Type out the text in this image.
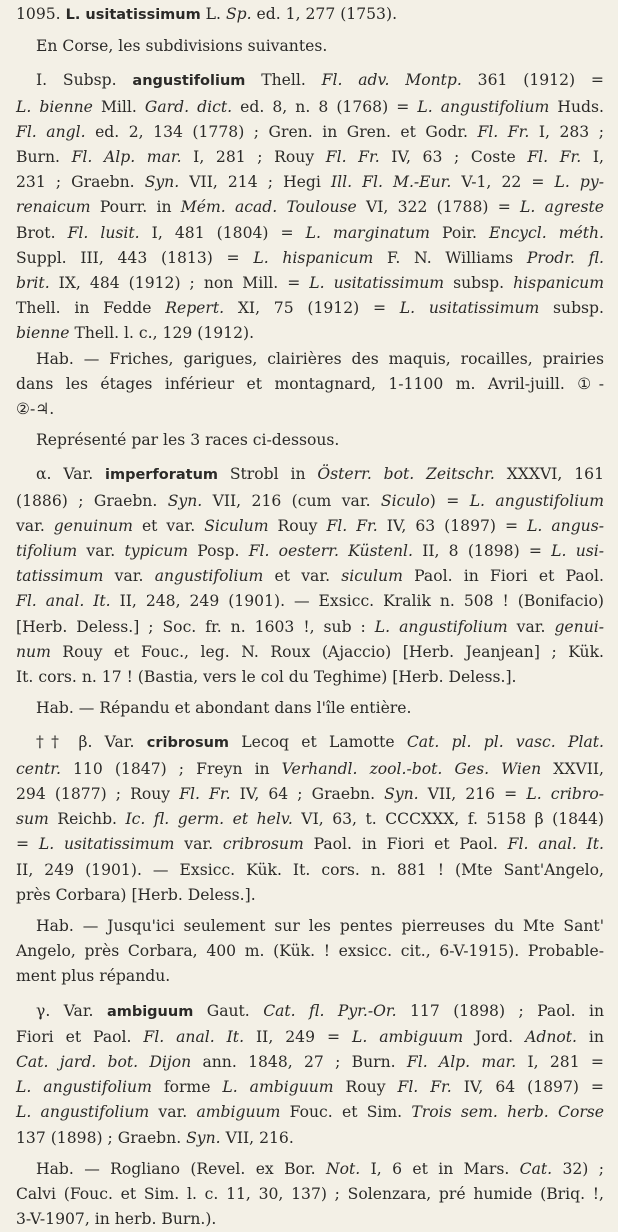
1095. L. usitatissimum L. Sp. ed. 1, 277 (1753).
En Corse, les subdivisions suivantes.
I. Subsp. angustifolium Thell. Fl. adv. Montp. 361 (1912) =
L. bienne Mill. Gard. dict. ed. 8, n. 8 (1768) = L. angustifolium Huds.
Fl. angl. ed. 2, 134 (1778) ; Gren. in Gren. et Godr. Fl. Fr. I, 283 ;
Burn. Fl. Alp. mar. I, 281 ; Rouy Fl. Fr. IV, 63 ; Coste Fl. Fr. I,
231 ; Graebn. Syn. VII, 214 ; Hegi Ill. Fl. M.-Eur. V-1, 22 = L. py-
renaicum Pourr. in Mém. acad. Toulouse VI, 322 (1788) = L. agreste
Brot. Fl. lusit. I, 481 (1804) = L. marginatum Poir. Encycl. méth.
Suppl. III, 443 (1813) = L. hispanicum F. N. Williams Prodr. fl.
brit. IX, 484 (1912) ; non Mill. = L. usitatissimum subsp. hispanicum
Thell. in Fedde Repert. XI, 75 (1912) = L. usitatissimum subsp.
bienne Thell. l. c., 129 (1912).
Hab. — Friches, garigues, clairières des maquis, rocailles, prairies
dans les étages inférieur et montagnard, 1-1100 m. Avril-juill. ①-
②-♃.
Représenté par les 3 races ci-dessous.
α. Var. imperforatum Strobl in Österr. bot. Zeitschr. XXXVI, 161
(1886) ; Graebn. Syn. VII, 216 (cum var. Siculo) = L. angustifolium
var. genuinum et var. Siculum Rouy Fl. Fr. IV, 63 (1897) = L. angus-
tifolium var. typicum Posp. Fl. oesterr. Küstenl. II, 8 (1898) = L. usi-
tatissimum var. angustifolium et var. siculum Paol. in Fiori et Paol.
Fl. anal. It. II, 248, 249 (1901). — Exsicc. Kralik n. 508 ! (Bonifacio)
[Herb. Deless.] ; Soc. fr. n. 1603 !, sub : L. angustifolium var. genui-
num Rouy et Fouc., leg. N. Roux (Ajaccio) [Herb. Jeanjean] ; Kük.
It. cors. n. 17 ! (Bastia, vers le col du Teghime) [Herb. Deless.].
Hab. — Répandu et abondant dans l'île entière.
†† β. Var. cribrosum Lecoq et Lamotte Cat. pl. pl. vasc. Plat.
centr. 110 (1847) ; Freyn in Verhandl. zool.-bot. Ges. Wien XXVII,
294 (1877) ; Rouy Fl. Fr. IV, 64 ; Graebn. Syn. VII, 216 = L. cribro-
sum Reichb. Ic. fl. germ. et helv. VI, 63, t. CCCXXX, f. 5158 β (1844)
= L. usitatissimum var. cribrosum Paol. in Fiori et Paol. Fl. anal. It.
II, 249 (1901). — Exsicc. Kük. It. cors. n. 881 ! (Mte Sant'Angelo,
près Corbara) [Herb. Deless.].
Hab. — Jusqu'ici seulement sur les pentes pierreuses du Mte Sant'
Angelo, près Corbara, 400 m. (Kük. ! exsicc. cit., 6-V-1915). Probable-
ment plus répandu.
γ. Var. ambiguum Gaut. Cat. fl. Pyr.-Or. 117 (1898) ; Paol. in
Fiori et Paol. Fl. anal. It. II, 249 = L. ambiguum Jord. Adnot. in
Cat. jard. bot. Dijon ann. 1848, 27 ; Burn. Fl. Alp. mar. I, 281 =
L. angustifolium forme L. ambiguum Rouy Fl. Fr. IV, 64 (1897) =
L. angustifolium var. ambiguum Fouc. et Sim. Trois sem. herb. Corse
137 (1898) ; Graebn. Syn. VII, 216.
Hab. — Rogliano (Revel. ex Bor. Not. I, 6 et in Mars. Cat. 32) ;
Calvi (Fouc. et Sim. l. c. 11, 30, 137) ; Solenzara, pré humide (Briq. !,
3-V-1907, in herb. Burn.).
